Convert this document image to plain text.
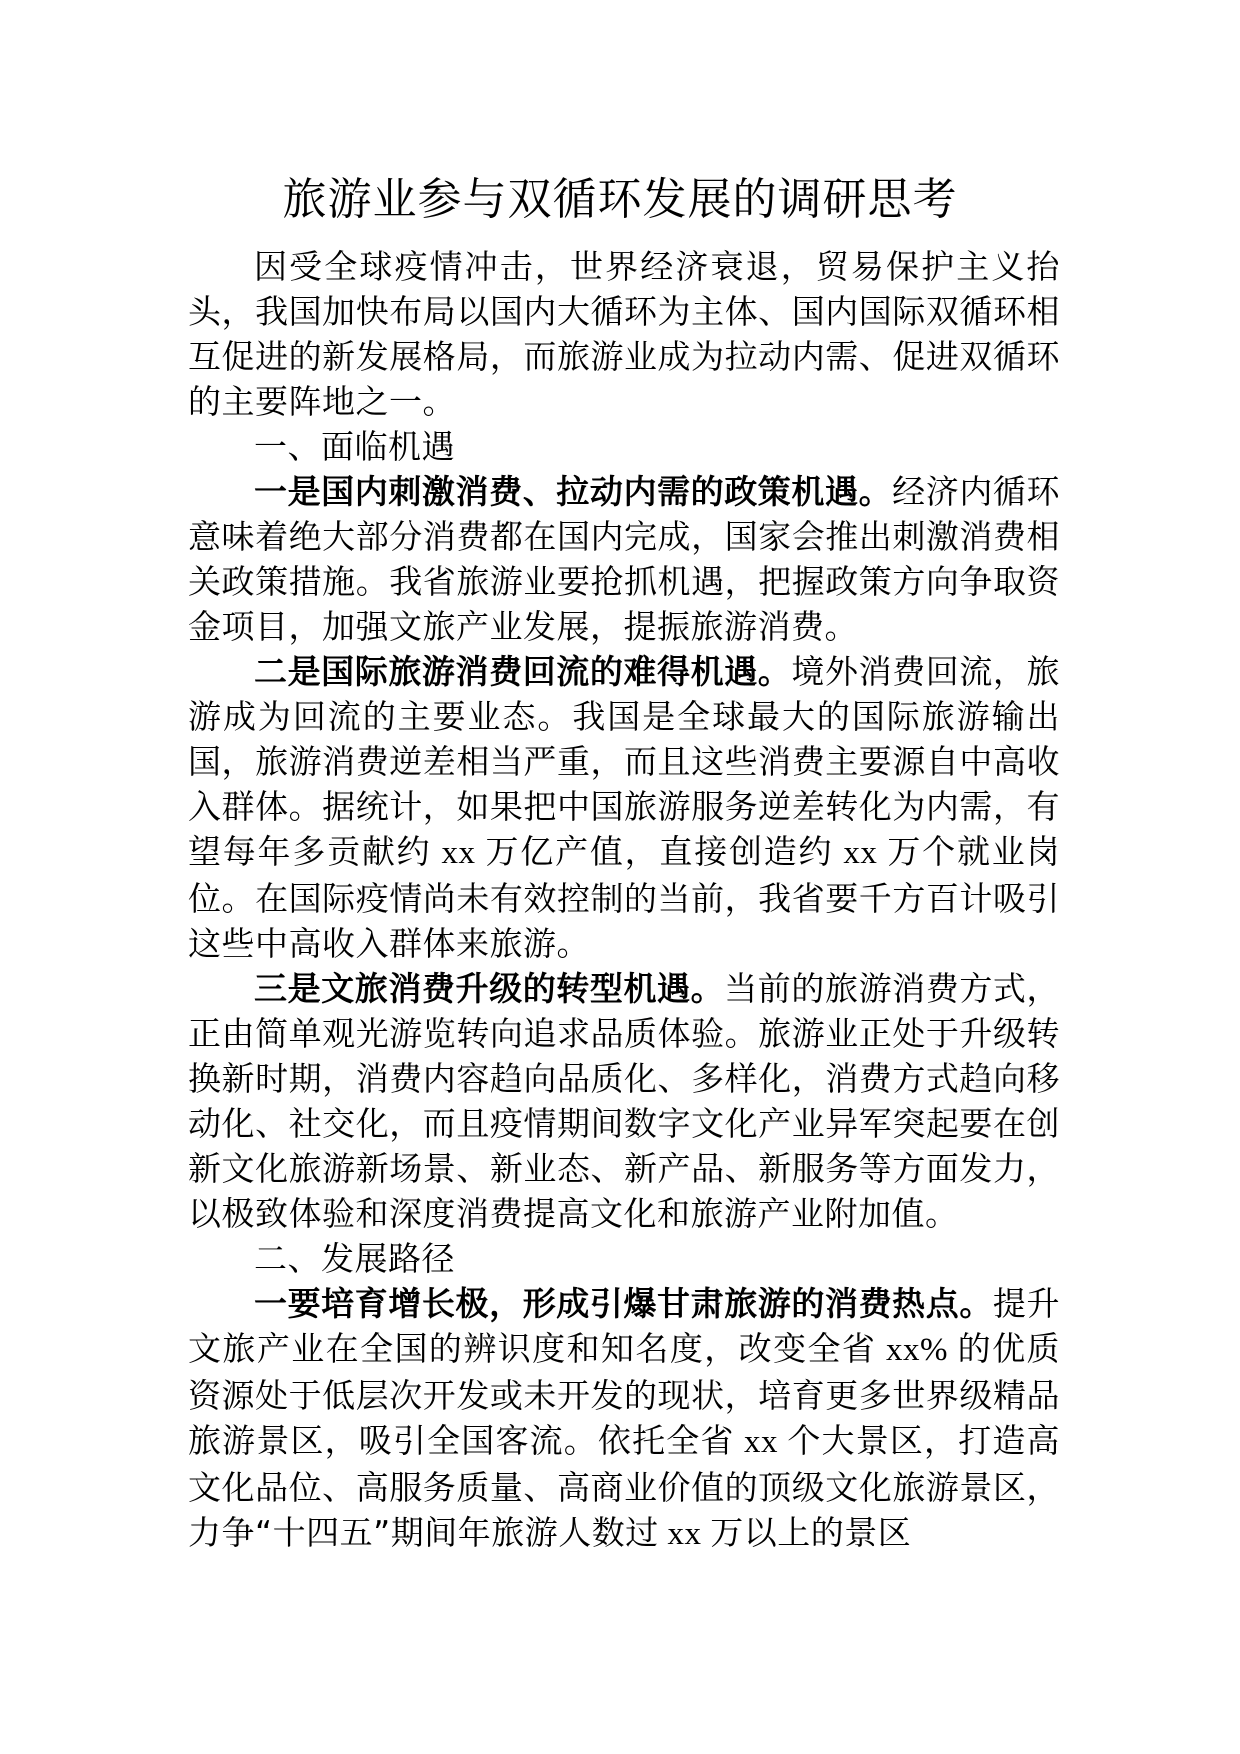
旅游业参与双循环发展的调研思考

因受全球疫情冲击，世界经济衰退，贸易保护主义抬头，我国加快布局以国内大循环为主体、国内国际双循环相互促进的新发展格局，而旅游业成为拉动内需、促进双循环的主要阵地之一。

一、面临机遇

一是国内刺激消费、拉动内需的政策机遇。经济内循环意味着绝大部分消费都在国内完成，国家会推出刺激消费相关政策措施。我省旅游业要抢抓机遇，把握政策方向争取资金项目，加强文旅产业发展，提振旅游消费。

二是国际旅游消费回流的难得机遇。境外消费回流，旅游成为回流的主要业态。我国是全球最大的国际旅游输出国，旅游消费逆差相当严重，而且这些消费主要源自中高收入群体。据统计，如果把中国旅游服务逆差转化为内需，有望每年多贡献约 xx 万亿产值，直接创造约 xx 万个就业岗位。在国际疫情尚未有效控制的当前，我省要千方百计吸引这些中高收入群体来旅游。

三是文旅消费升级的转型机遇。当前的旅游消费方式，正由简单观光游览转向追求品质体验。旅游业正处于升级转换新时期，消费内容趋向品质化、多样化，消费方式趋向移动化、社交化，而且疫情期间数字文化产业异军突起要在创新文化旅游新场景、新业态、新产品、新服务等方面发力，以极致体验和深度消费提高文化和旅游产业附加值。

二、发展路径

一要培育增长极，形成引爆甘肃旅游的消费热点。提升文旅产业在全国的辨识度和知名度，改变全省 xx% 的优质资源处于低层次开发或未开发的现状，培育更多世界级精品旅游景区，吸引全国客流。依托全省 xx 个大景区，打造高文化品位、高服务质量、高商业价值的顶级文化旅游景区，力争“十四五”期间年旅游人数过 xx 万以上的景区
